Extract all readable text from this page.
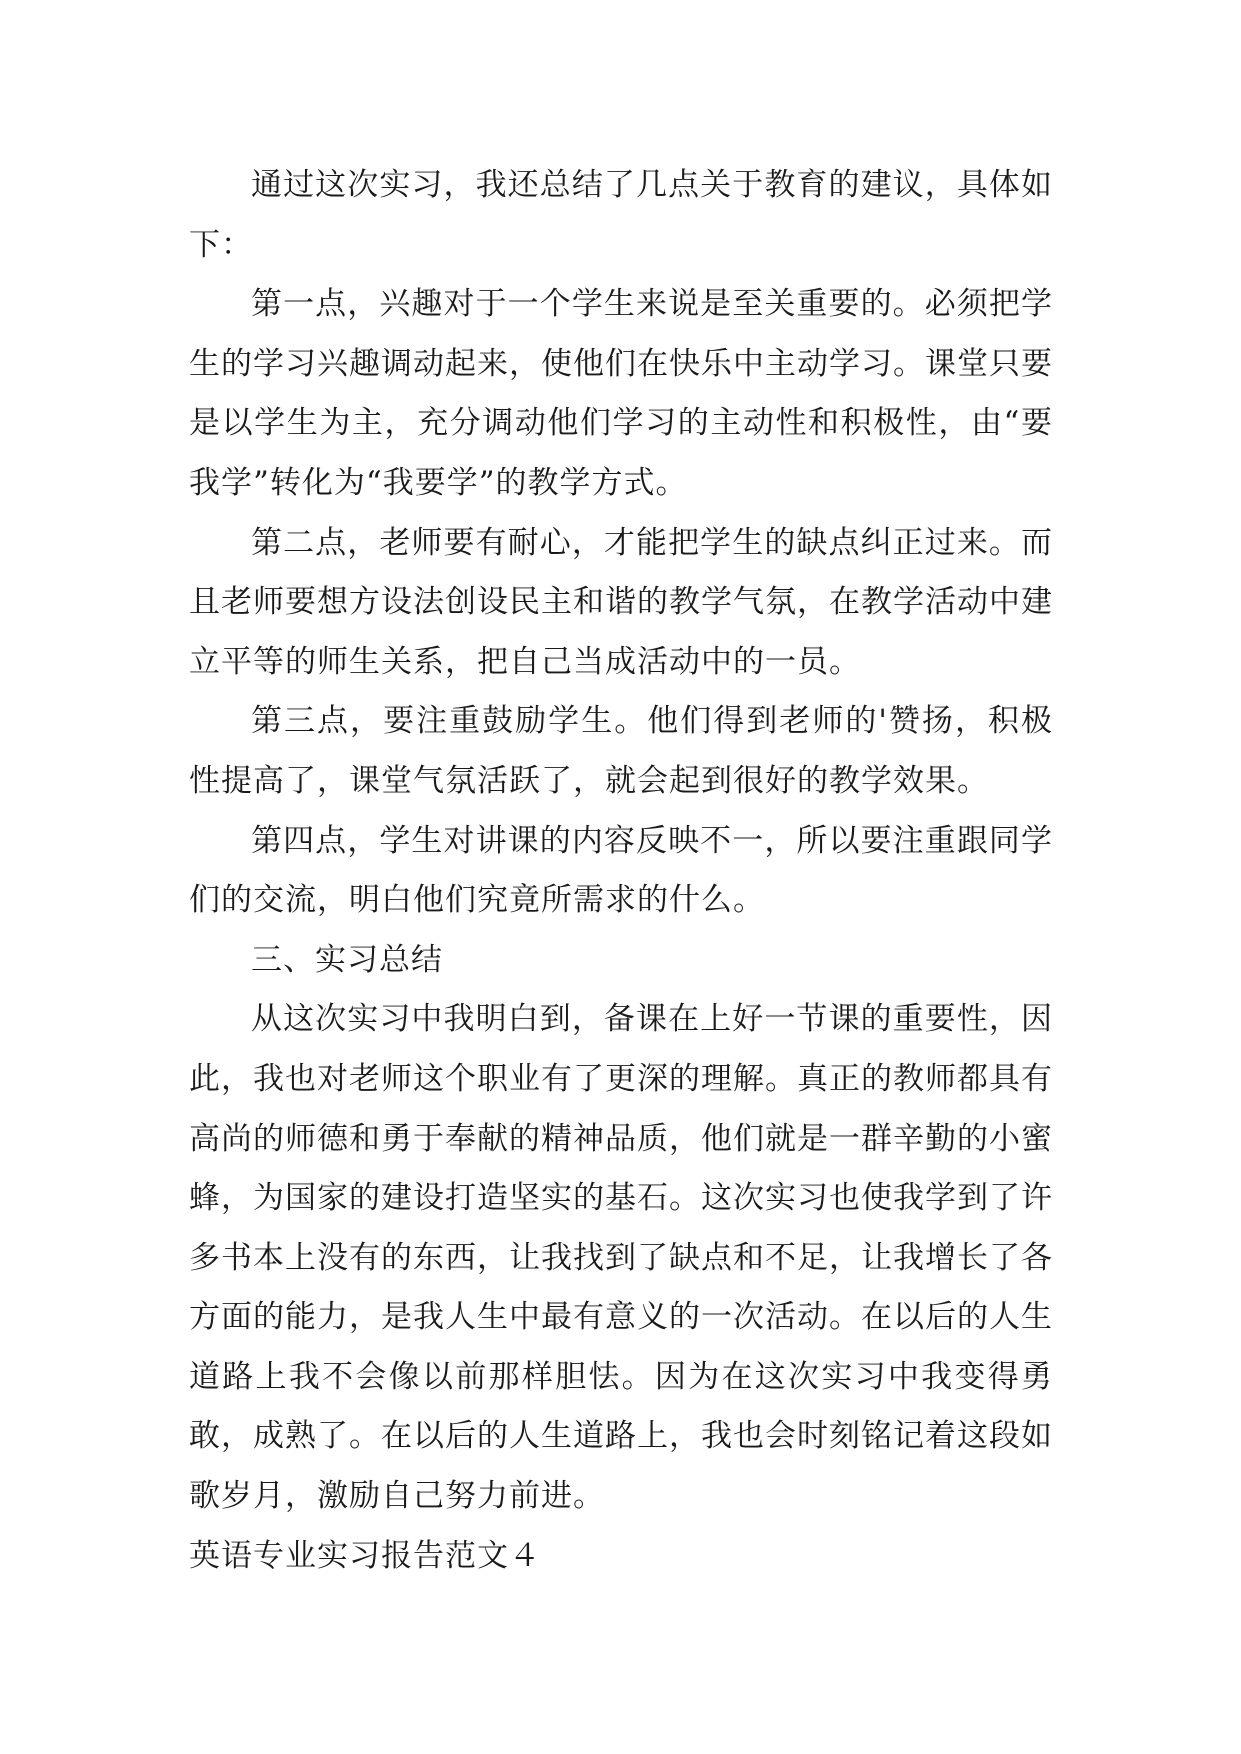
通过这次实习，我还总结了几点关于教育的建议，具体如下：

第一点，兴趣对于一个学生来说是至关重要的。必须把学生的学习兴趣调动起来，使他们在快乐中主动学习。课堂只要是以学生为主，充分调动他们学习的主动性和积极性，由“要我学”转化为“我要学”的教学方式。

第二点，老师要有耐心，才能把学生的缺点纠正过来。而且老师要想方设法创设民主和谐的教学气氛，在教学活动中建立平等的师生关系，把自己当成活动中的一员。

第三点，要注重鼓励学生。他们得到老师的'赞扬，积极性提高了，课堂气氛活跃了，就会起到很好的教学效果。

第四点，学生对讲课的内容反映不一，所以要注重跟同学们的交流，明白他们究竟所需求的什么。

三、实习总结

从这次实习中我明白到，备课在上好一节课的重要性，因此，我也对老师这个职业有了更深的理解。真正的教师都具有高尚的师德和勇于奉献的精神品质，他们就是一群辛勤的小蜜蜂，为国家的建设打造坚实的基石。这次实习也使我学到了许多书本上没有的东西，让我找到了缺点和不足，让我增长了各方面的能力，是我人生中最有意义的一次活动。在以后的人生道路上我不会像以前那样胆怯。因为在这次实习中我变得勇敢，成熟了。在以后的人生道路上，我也会时刻铭记着这段如歌岁月，激励自己努力前进。

英语专业实习报告范文４
